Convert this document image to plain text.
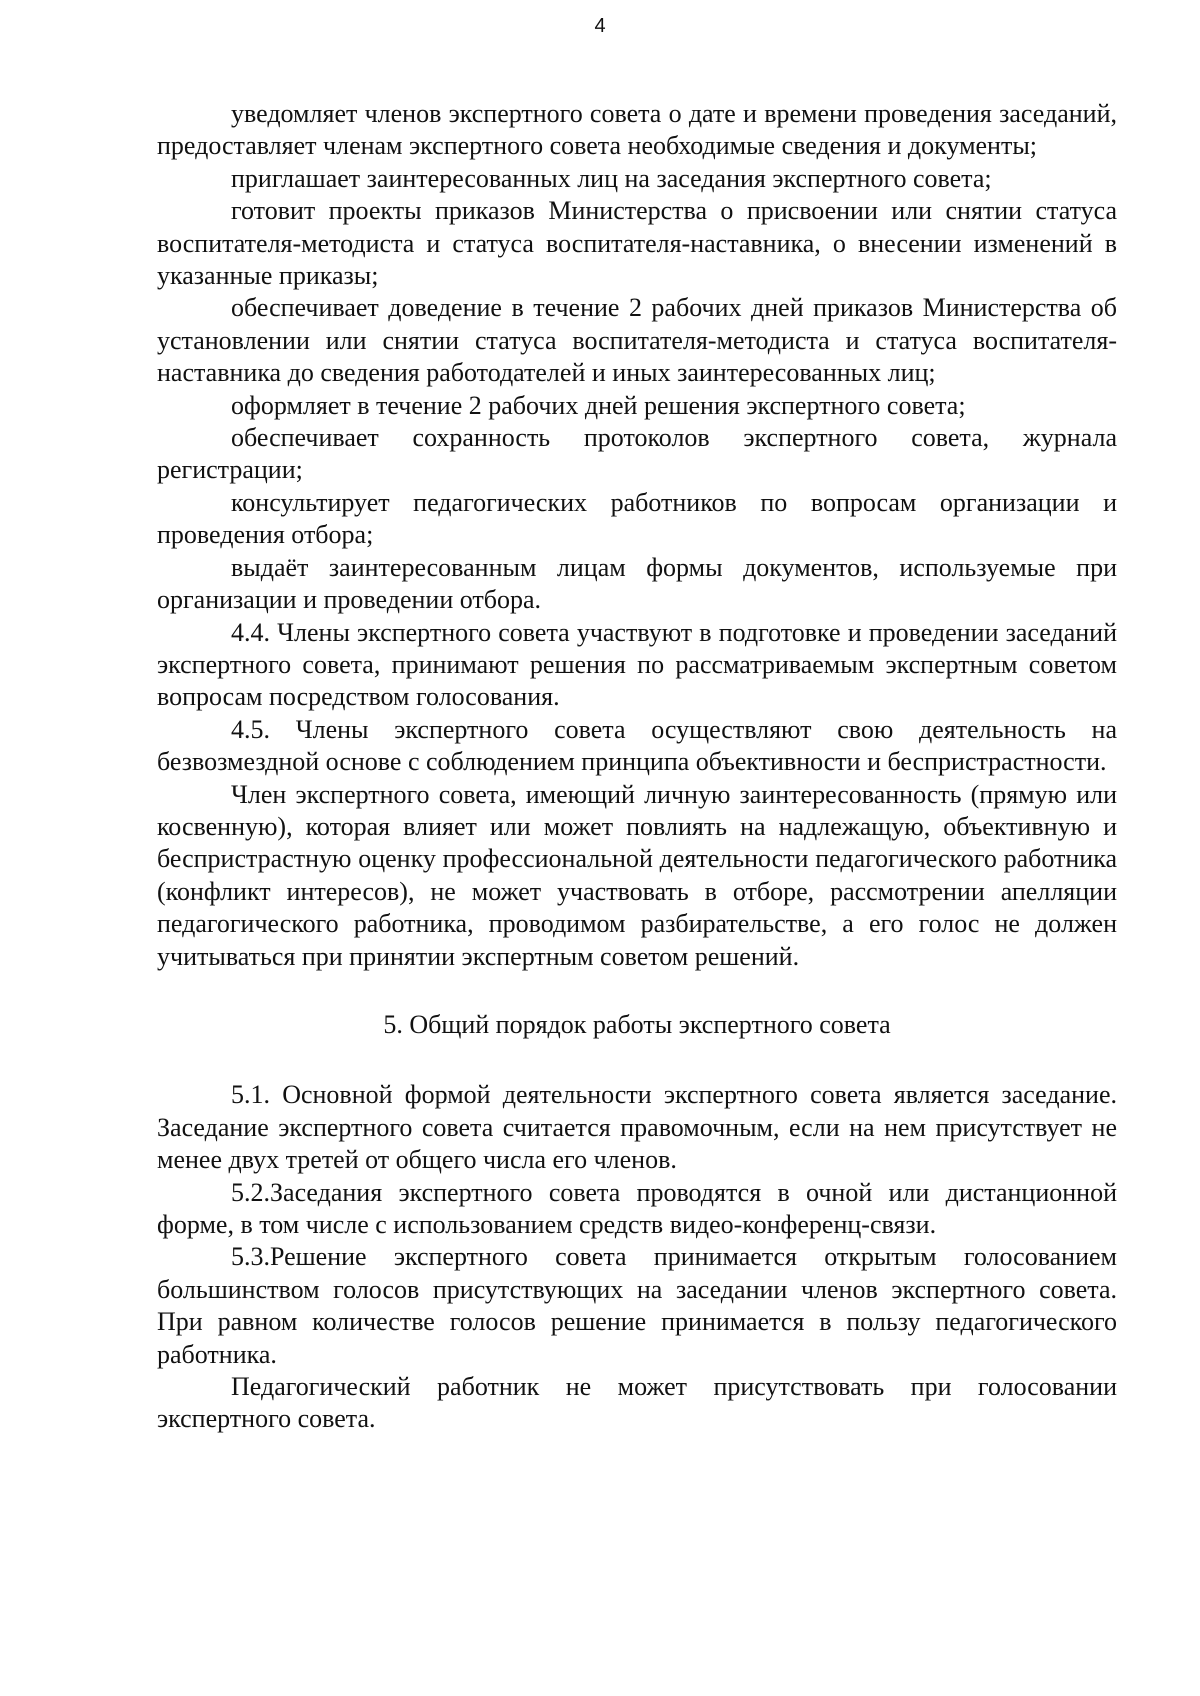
4

уведомляет членов экспертного совета о дате и времени проведения заседаний, предоставляет членам экспертного совета необходимые сведения и документы;

приглашает заинтересованных лиц на заседания экспертного совета;

готовит проекты приказов Министерства о присвоении или снятии статуса воспитателя-методиста и статуса воспитателя-наставника, о внесении изменений в указанные приказы;

обеспечивает доведение в течение 2 рабочих дней приказов Министерства об установлении или снятии статуса воспитателя-методиста и статуса воспитателя-наставника до сведения работодателей и иных заинтересованных лиц;

оформляет в течение 2 рабочих дней решения экспертного совета;

обеспечивает сохранность протоколов экспертного совета, журнала регистрации;

консультирует педагогических работников по вопросам организации и проведения отбора;

выдаёт заинтересованным лицам формы документов, используемые при организации и проведении отбора.

4.4. Члены экспертного совета участвуют в подготовке и проведении заседаний экспертного совета, принимают решения по рассматриваемым экспертным советом вопросам посредством голосования.

4.5. Члены экспертного совета осуществляют свою деятельность на безвозмездной основе с соблюдением принципа объективности и беспристрастности.

Член экспертного совета, имеющий личную заинтересованность (прямую или косвенную), которая влияет или может повлиять на надлежащую, объективную и беспристрастную оценку профессиональной деятельности педагогического работника (конфликт интересов), не может участвовать в отборе, рассмотрении апелляции педагогического работника, проводимом разбирательстве, а его голос не должен учитываться при принятии экспертным советом решений.

5. Общий порядок работы экспертного совета

5.1. Основной формой деятельности экспертного совета является заседание. Заседание экспертного совета считается правомочным, если на нем присутствует не менее двух третей от общего числа его членов.

5.2.Заседания экспертного совета проводятся в очной или дистанционной форме, в том числе с использованием средств видео-конференц-связи.

5.3.Решение экспертного совета принимается открытым голосованием большинством голосов присутствующих на заседании членов экспертного совета. При равном количестве голосов решение принимается в пользу педагогического работника.

Педагогический работник не может присутствовать при голосовании экспертного совета.
